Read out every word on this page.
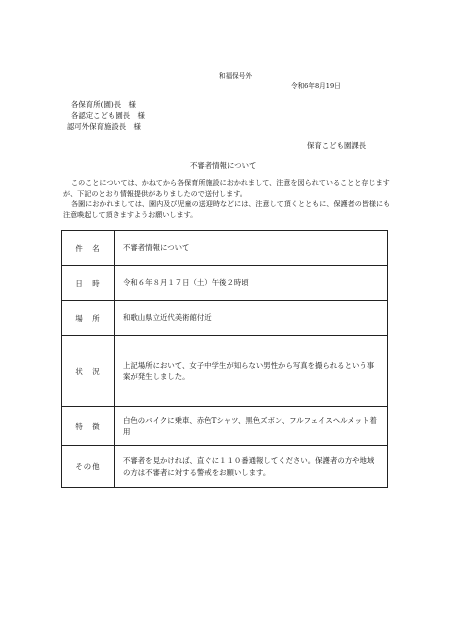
和福保号外
令和6年8月19日
各保育所(園)長　様
各認定こども園長　様
認可外保育施設長　様
保育こども園課長
不審者情報について
このことについては、かねてから各保育所施設におかれまして、注意を図られていることと存じますが、下記のとおり情報提供がありましたので送付します。
各園におかれましては、園内及び児童の送迎時などには、注意して頂くとともに、保護者の皆様にも注意喚起して頂きますようお願いします。
件　名	不審者情報について
日　時	令和６年８月１７日（土）午後２時頃
場　所	和歌山県立近代美術館付近
状　況	上記場所において、女子中学生が知らない男性から写真を撮られるという事案が発生しました。
特　徴	白色のバイクに乗車、赤色Tシャツ、黒色ズボン、フルフェイスヘルメット着用
その他	不審者を見かければ、直ぐに１１０番通報してください。保護者の方や地域の方は不審者に対する警戒をお願いします。
